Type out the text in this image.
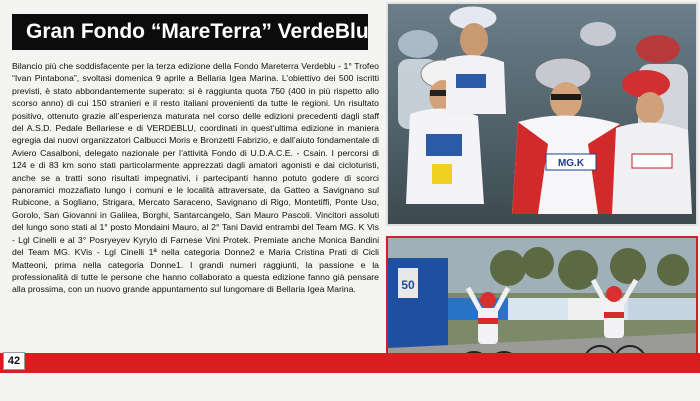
Gran Fondo “MareTerra” VerdeBlu
Bilancio più che soddisfacente per la terza edizione della Fondo Mareterra Verdeblu - 1° Trofeo “Ivan Pintabona”, svoltasi domenica 9 aprile a Bellaria Igea Marina. L’obiettivo dei 500 iscritti previsti, è stato abbondantemente superato: si è raggiunta quota 750 (400 in più rispetto allo scorso anno) di cui 150 stranieri e il resto italiani provenienti da tutte le regioni. Un risultato positivo, ottenuto grazie all’esperienza maturata nel corso delle edizioni precedenti dagli staff del A.S.D. Pedale Bellariese e di VERDEBLU, coordinati in quest’ultima edizione in maniera egregia dai nuovi organizzatori Calbucci Moris e Bronzetti Fabrizio, e dall’aiuto fondamentale di Aviero Casalboni, delegato nazionale per l’attività Fondo di U.D.A.C.E. - Csain. I percorsi di 124 e di 83 km sono stati particolarmente apprezzati dagli amatori agonisti e dai cicloturisti, anche se a tratti sono risultati impegnativi, i partecipanti hanno potuto godere di scorci panoramici mozzafiato lungo i comuni e le località attraversate, da Gatteo a Savignano sul Rubicone, a Sogliano, Strigara, Mercato Saraceno, Savignano di Rigo, Montetiffi, Ponte Uso, Gorolo, San Giovanni in Galilea, Borghi, Santarcangelo, San Mauro Pascoli. Vincitori assoluti del lungo sono stati al 1° posto Mondaini Mauro, al 2° Tani David entrambi del Team MG. K Vis - Lgl Cinelli e al 3° Posryeyev Kyrylo di Farnese Vini Protek. Premiate anche Monica Bandini del Team MG. KVis - Lgl Cinelli 1ª nella categoria Donne2 e Maria Cristina Prati di Cicli Matteoni, prima nella categoria Donne1. I grandi numeri raggiunti, la passione e la professionalità di tutte le persone che hanno collaborato a questa edizione fanno già pensare alla prossima, con un nuovo grande appuntamento sul lungomare di Bellaria Igea Marina.
MG.K
50
42
